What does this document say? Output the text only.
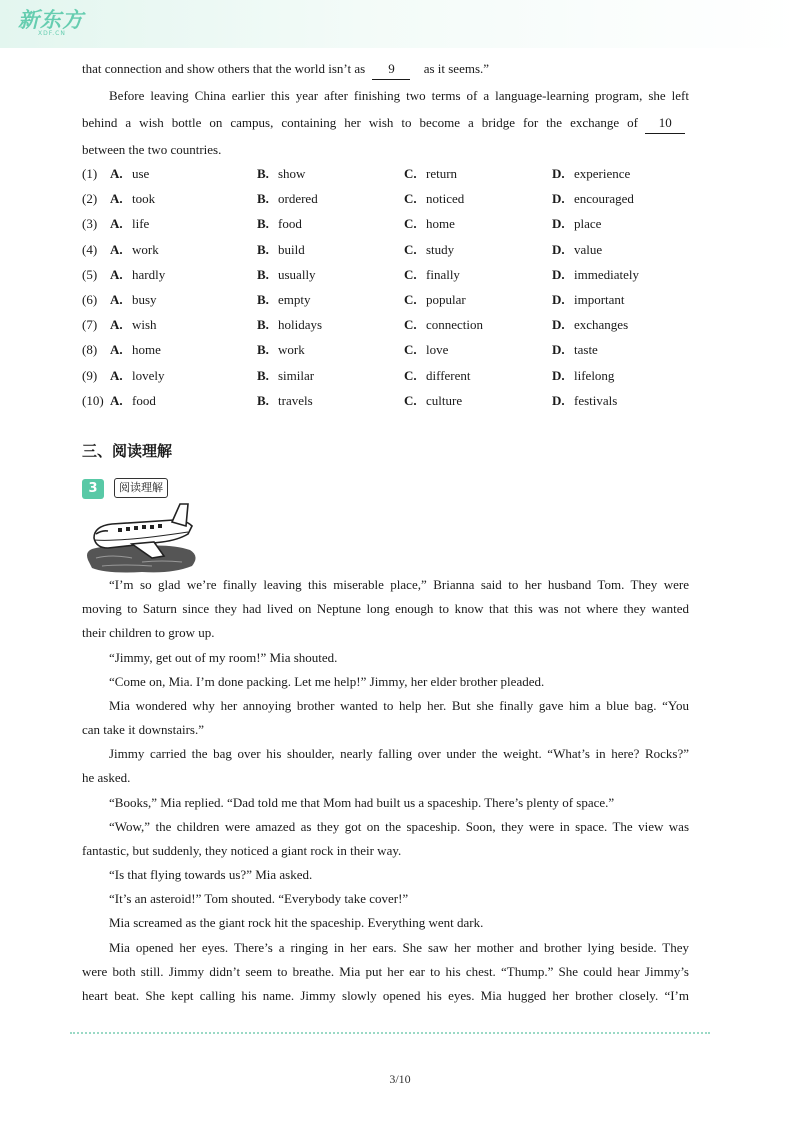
新东方
XDF.CN
that connection and show others that the world isn’t as 9 as it seems.”
Before leaving China earlier this year after finishing two terms of a language-learning program, she left
behind a wish bottle on campus, containing her wish to become a bridge for the exchange of 10
between the two countries.
(1) A. use	B. show	C. return	D. experience
(2) A. took	B. ordered	C. noticed	D. encouraged
(3) A. life	B. food	C. home	D. place
(4) A. work	B. build	C. study	D. value
(5) A. hardly	B. usually	C. finally	D. immediately
(6) A. busy	B. empty	C. popular	D. important
(7) A. wish	B. holidays	C. connection	D. exchanges
(8) A. home	B. work	C. love	D. taste
(9) A. lovely	B. similar	C. different	D. lifelong
(10) A. food	B. travels	C. culture	D. festivals
三、阅读理解
3	阅读理解
“I’m so glad we’re finally leaving this miserable place,” Brianna said to her husband Tom. They were
moving to Saturn since they had lived on Neptune long enough to know that this was not where they wanted
their children to grow up.
“Jimmy, get out of my room!” Mia shouted.
“Come on, Mia. I’m done packing. Let me help!” Jimmy, her elder brother pleaded.
Mia wondered why her annoying brother wanted to help her. But she finally gave him a blue bag. “You
can take it downstairs.”
Jimmy carried the bag over his shoulder, nearly falling over under the weight. “What’s in here? Rocks?”
he asked.
“Books,” Mia replied. “Dad told me that Mom had built us a spaceship. There’s plenty of space.”
“Wow,” the children were amazed as they got on the spaceship. Soon, they were in space. The view was
fantastic, but suddenly, they noticed a giant rock in their way.
“Is that flying towards us?” Mia asked.
“It’s an asteroid!” Tom shouted. “Everybody take cover!”
Mia screamed as the giant rock hit the spaceship. Everything went dark.
Mia opened her eyes. There’s a ringing in her ears. She saw her mother and brother lying beside. They
were both still. Jimmy didn’t seem to breathe. Mia put her ear to his chest. “Thump.” She could hear Jimmy’s
heart beat. She kept calling his name. Jimmy slowly opened his eyes. Mia hugged her brother closely. “I’m
3/10
